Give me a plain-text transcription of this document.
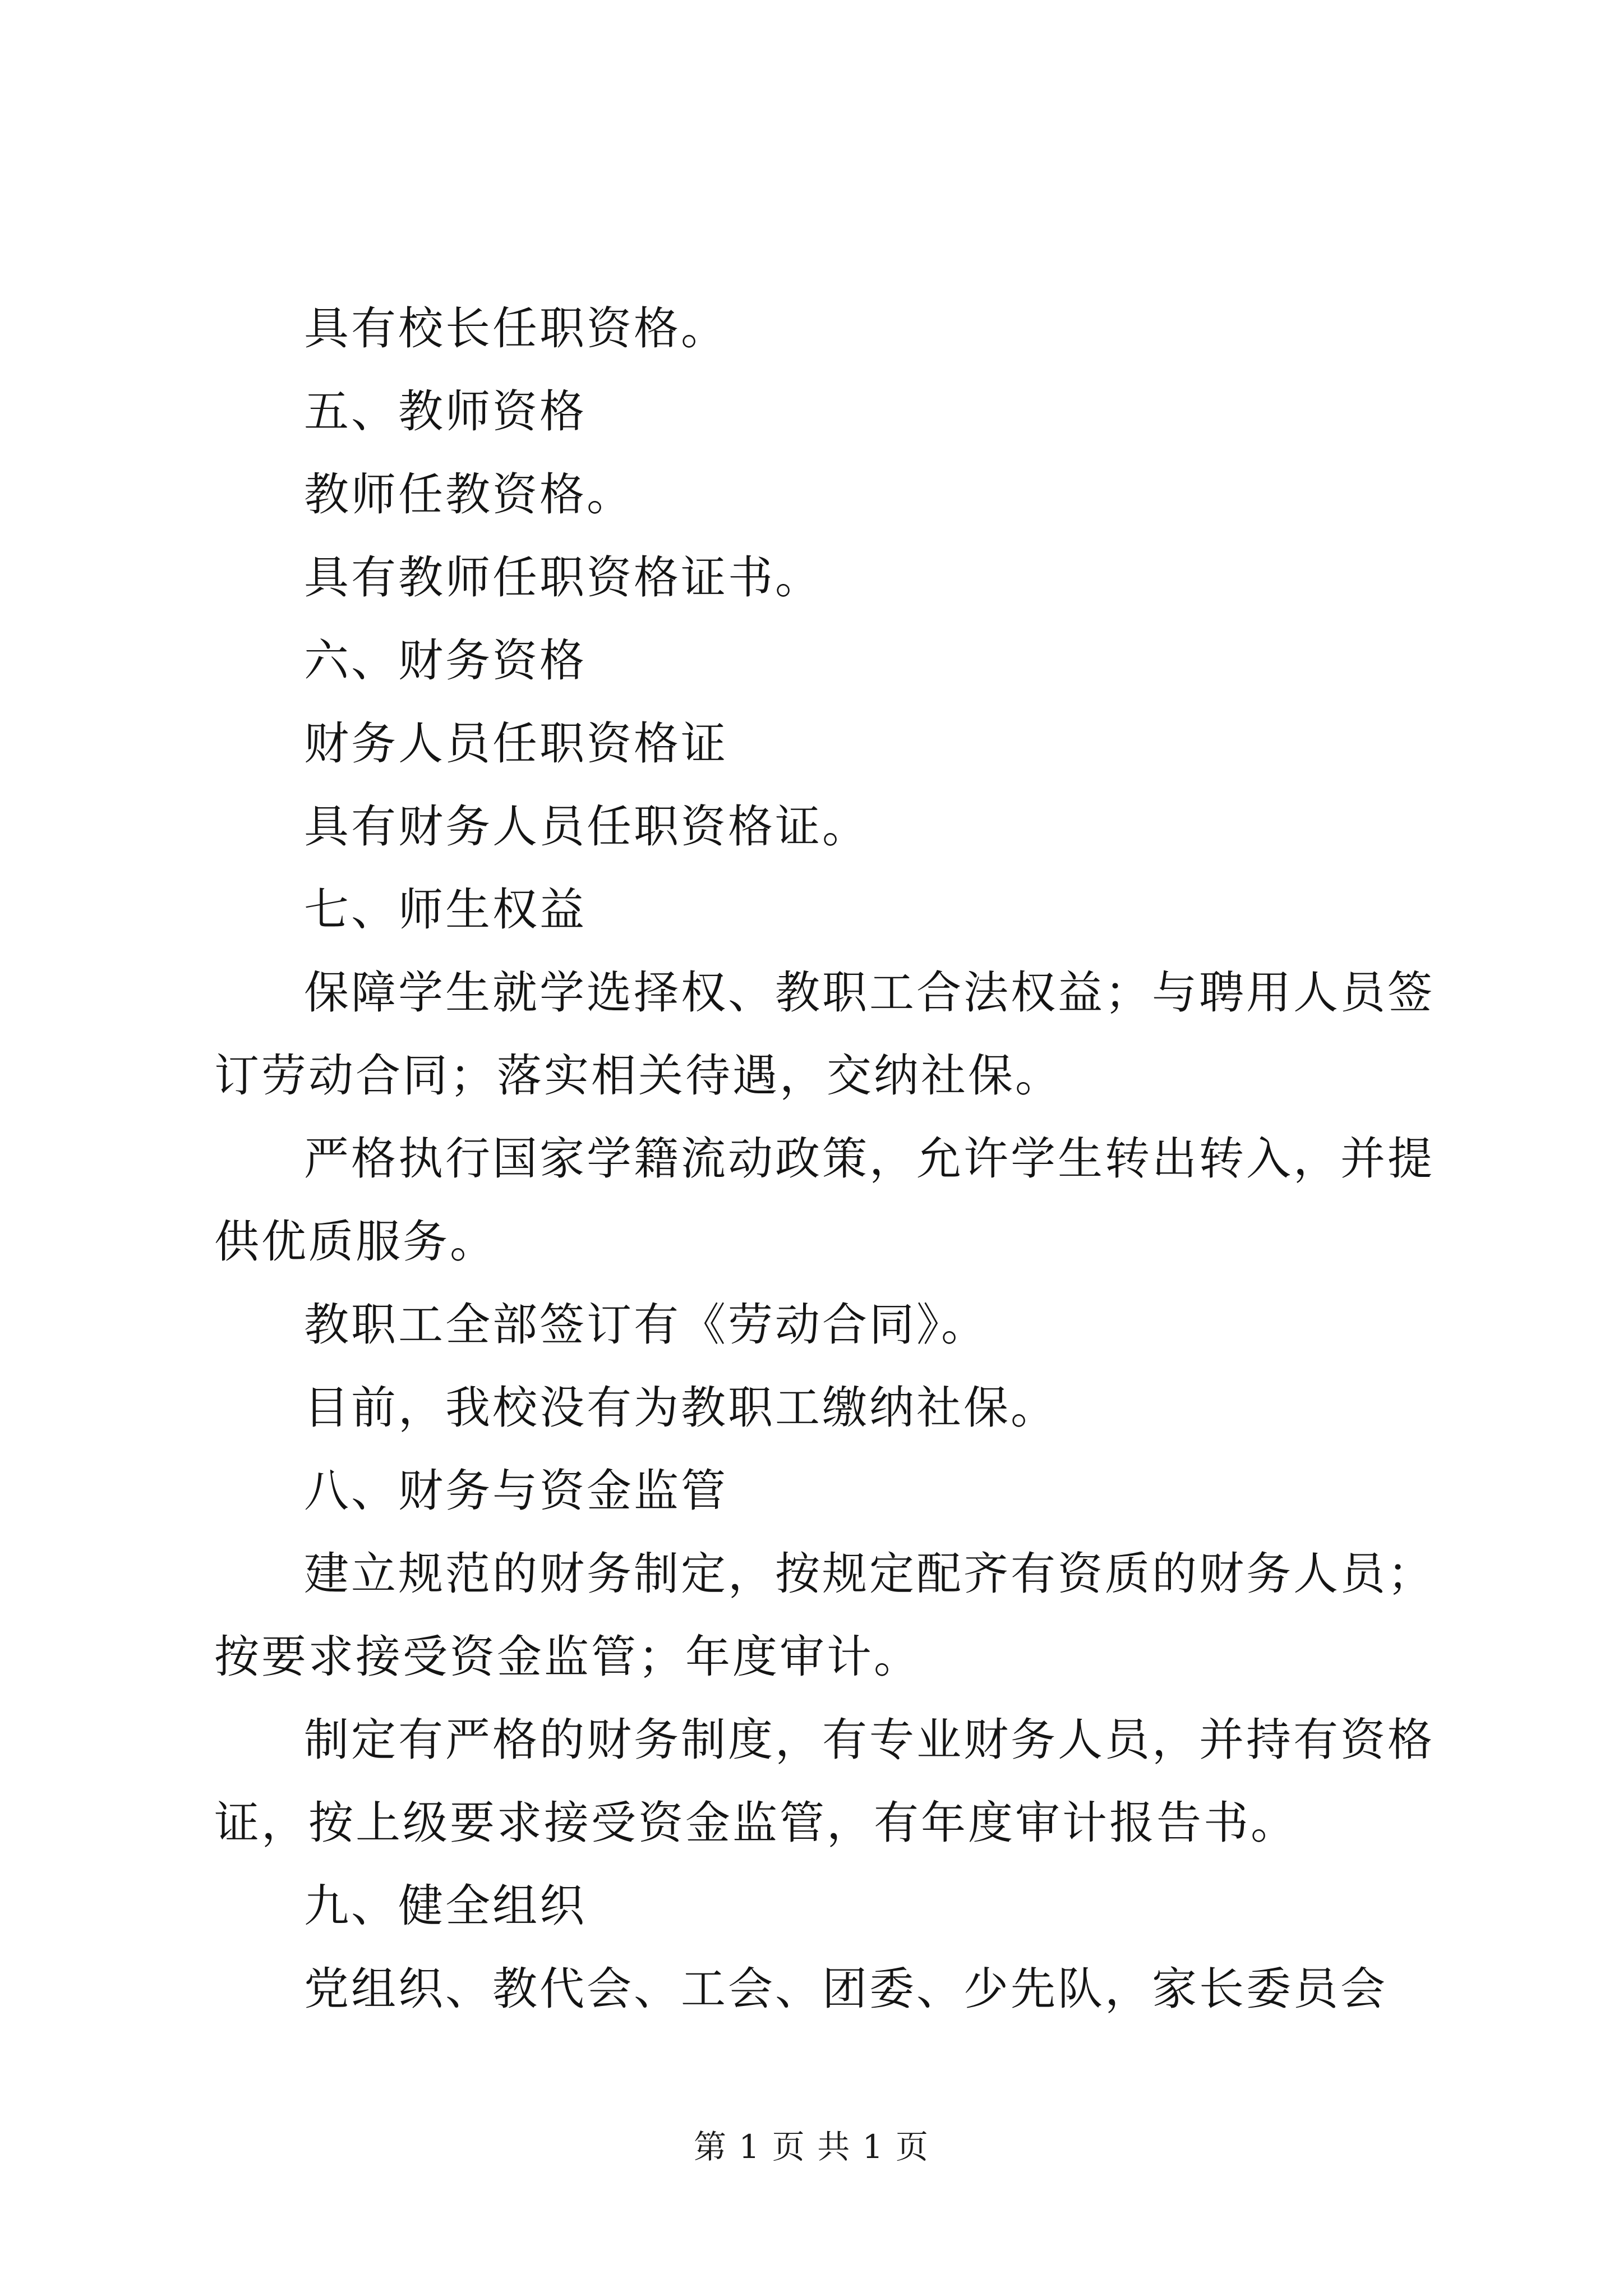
具有校长任职资格。

五、教师资格

教师任教资格。

具有教师任职资格证书。

六、财务资格

财务人员任职资格证

具有财务人员任职资格证。

七、师生权益

保障学生就学选择权、教职工合法权益；与聘用人员签订劳动合同；落实相关待遇，交纳社保。

严格执行国家学籍流动政策，允许学生转出转入，并提供优质服务。

教职工全部签订有《劳动合同》。

目前，我校没有为教职工缴纳社保。

八、财务与资金监管

建立规范的财务制定，按规定配齐有资质的财务人员；按要求接受资金监管；年度审计。

制定有严格的财务制度，有专业财务人员，并持有资格证，按上级要求接受资金监管，有年度审计报告书。

九、健全组织

党组织、教代会、工会、团委、少先队，家长委员会

第 1 页 共 1 页
